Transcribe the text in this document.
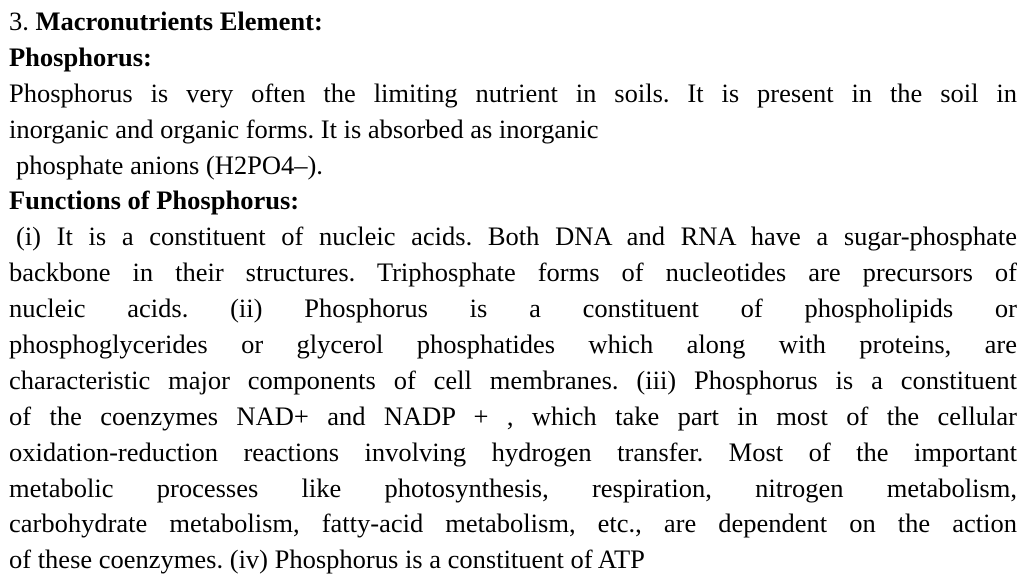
3. Macronutrients Element:
Phosphorus:
Phosphorus is very often the limiting nutrient in soils. It is present in the soil in
inorganic and organic forms. It is absorbed as inorganic
phosphate anions (H2PO4–).
Functions of Phosphorus:
(i) It is a constituent of nucleic acids. Both DNA and RNA have a sugar-phosphate
backbone in their structures. Triphosphate forms of nucleotides are precursors of
nucleic acids. (ii) Phosphorus is a constituent of phospholipids or
phosphoglycerides or glycerol phosphatides which along with proteins, are
characteristic major components of cell membranes. (iii) Phosphorus is a constituent
of the coenzymes NAD+ and NADP + , which take part in most of the cellular
oxidation-reduction reactions involving hydrogen transfer. Most of the important
metabolic processes like photosynthesis, respiration, nitrogen metabolism,
carbohydrate metabolism, fatty-acid metabolism, etc., are dependent on the action
of these coenzymes. (iv) Phosphorus is a constituent of ATP
